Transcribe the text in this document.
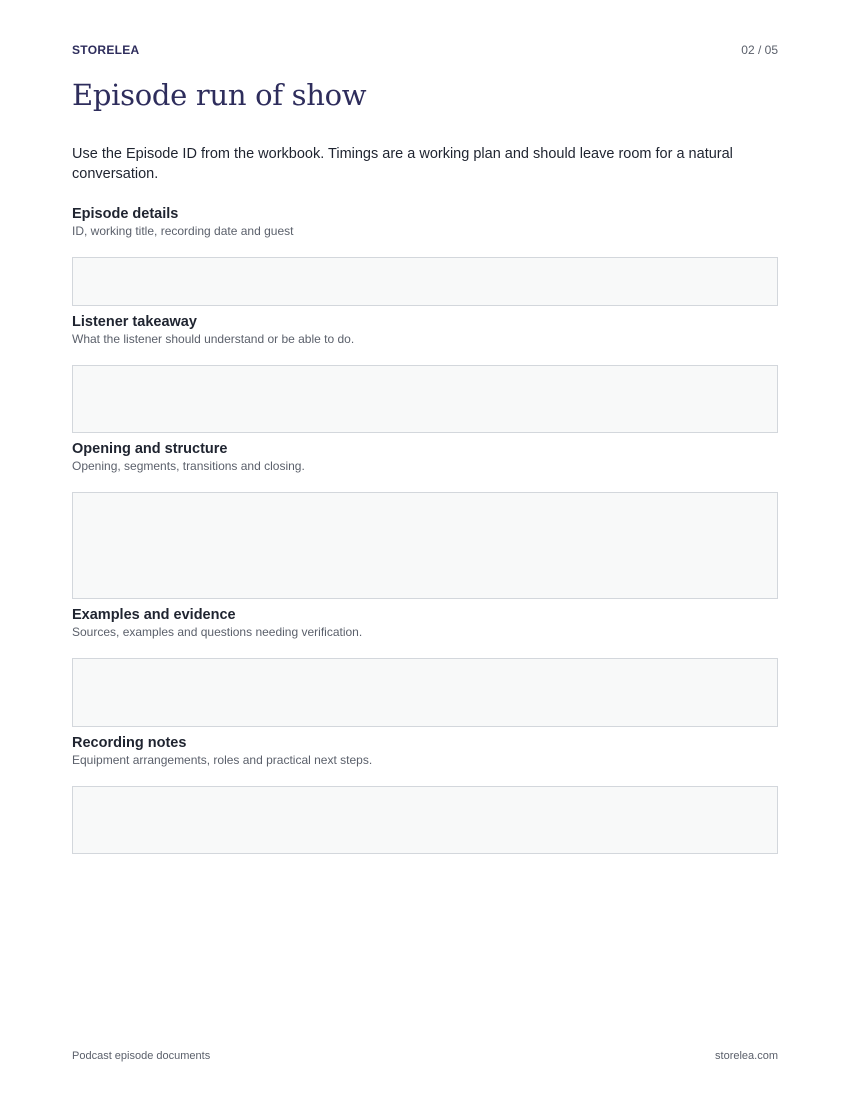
STORELEA	02 / 05
Episode run of show

Use the Episode ID from the workbook. Timings are a working plan and should leave room for a natural conversation.

Episode details

ID, working title, recording date and guest

Listener takeaway

What the listener should understand or be able to do.

Opening and structure

Opening, segments, transitions and closing.

Examples and evidence

Sources, examples and questions needing verification.

Recording notes

Equipment arrangements, roles and practical next steps.

Podcast episode documents	storelea.com
